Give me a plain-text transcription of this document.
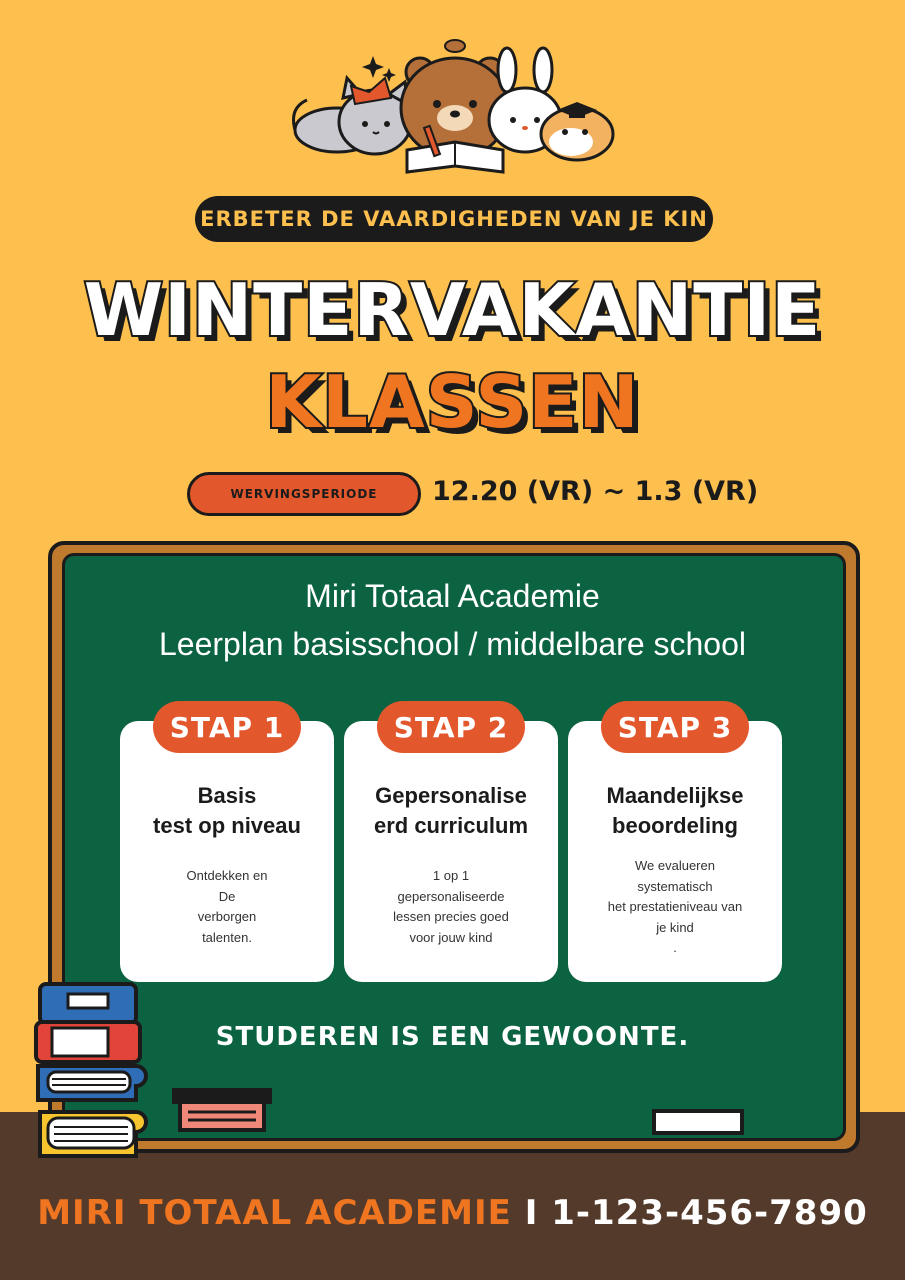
ERBETER DE VAARDIGHEDEN VAN JE KIN
WINTERVAKANTIE
KLASSEN
WERVINGSPERIODE 12.20 (VR) ~ 1.3 (VR)
Miri Totaal Academie
Leerplan basisschool / middelbare school
Basis
test op niveau
Ontdekken en
De
verborgen
talenten.
Gepersonalise
erd curriculum
1 op 1
gepersonaliseerde
lessen precies goed
voor jouw kind
Maandelijkse
beoordeling
We evalueren
systematisch
het prestatieniveau van
je kind
.
STAP 1	STAP 2	STAP 3
STUDEREN IS EEN GEWOONTE.
MIRI TOTAAL ACADEMIE I 1-123-456-7890
